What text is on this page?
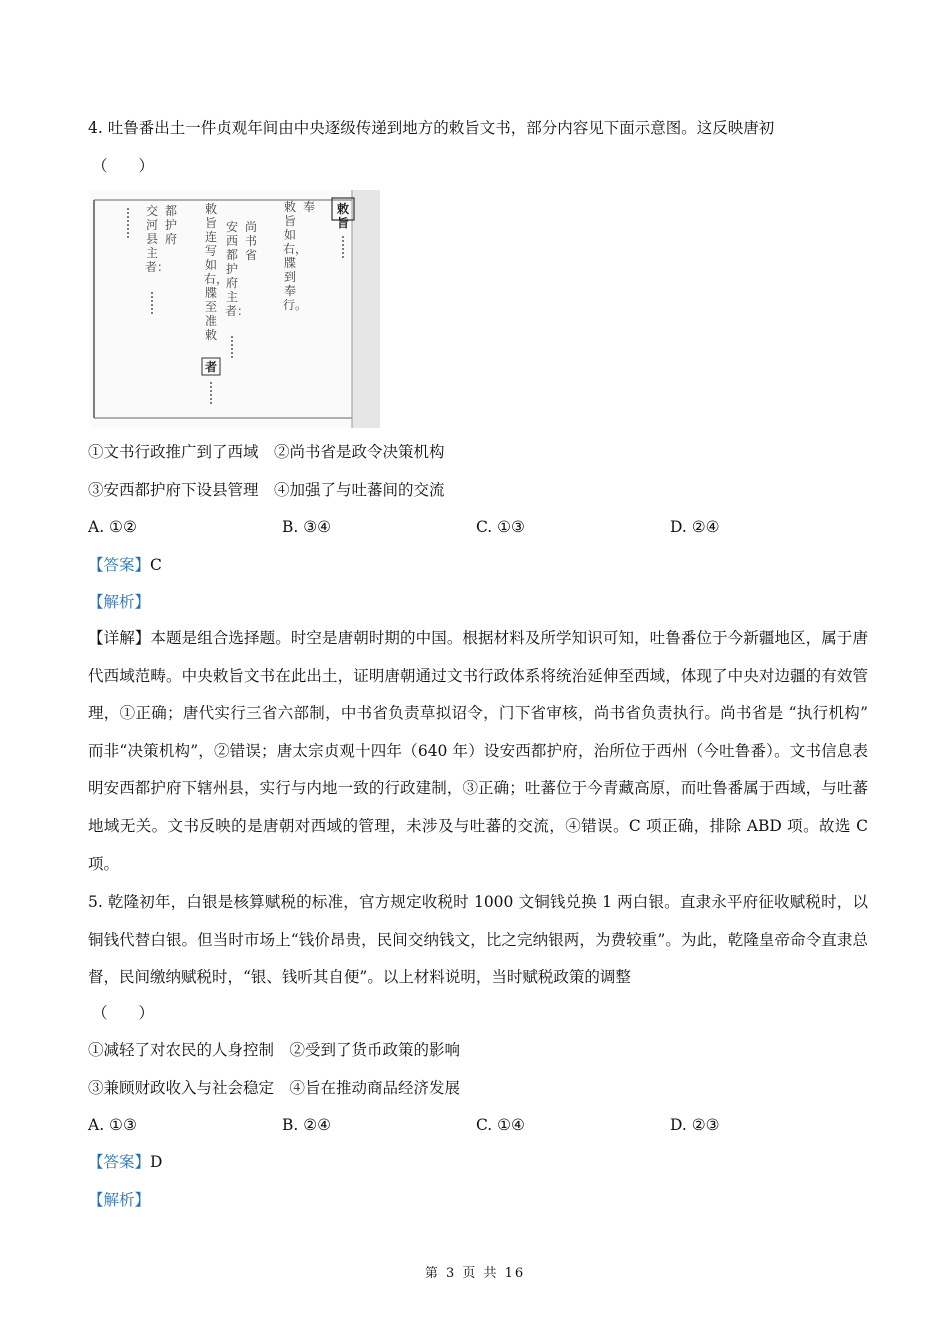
4. 吐鲁番出土一件贞观年间由中央逐级传递到地方的敕旨文书，部分内容见下面示意图。这反映唐初
（　　）
敕旨
奉
敕旨如右，牒到奉行。
尚书省
安西都护府主者：
敕旨连写如右，牒至准敕
者
都护府
交河县主者：
①文书行政推广到了西域　②尚书省是政令决策机构
③安西都护府下设县管理　④加强了与吐蕃间的交流
A. ①②	B. ③④	C. ①③	D. ②④
【答案】C
【解析】
【详解】本题是组合选择题。时空是唐朝时期的中国。根据材料及所学知识可知，吐鲁番位于今新疆地区，属于唐代西域范畴。中央敕旨文书在此出土，证明唐朝通过文书行政体系将统治延伸至西域，体现了中央对边疆的有效管理，①正确；唐代实行三省六部制，中书省负责草拟诏令，门下省审核，尚书省负责执行。尚书省是 “执行机构” 而非“决策机构”，②错误；唐太宗贞观十四年（640 年）设安西都护府，治所位于西州（今吐鲁番）。文书信息表明安西都护府下辖州县，实行与内地一致的行政建制，③正确；吐蕃位于今青藏高原，而吐鲁番属于西域，与吐蕃地域无关。文书反映的是唐朝对西域的管理，未涉及与吐蕃的交流，④错误。C 项正确，排除 ABD 项。故选 C 项。
5. 乾隆初年，白银是核算赋税的标准，官方规定收税时 1000 文铜钱兑换 1 两白银。直隶永平府征收赋税时，以铜钱代替白银。但当时市场上“钱价昂贵，民间交纳钱文，比之完纳银两，为费较重”。为此，乾隆皇帝命令直隶总督，民间缴纳赋税时，“银、钱听其自便”。以上材料说明，当时赋税政策的调整
（　　）
①减轻了对农民的人身控制　②受到了货币政策的影响
③兼顾财政收入与社会稳定　④旨在推动商品经济发展
A. ①③	B. ②④	C. ①④	D. ②③
【答案】D
【解析】
第 3 页 共 16
